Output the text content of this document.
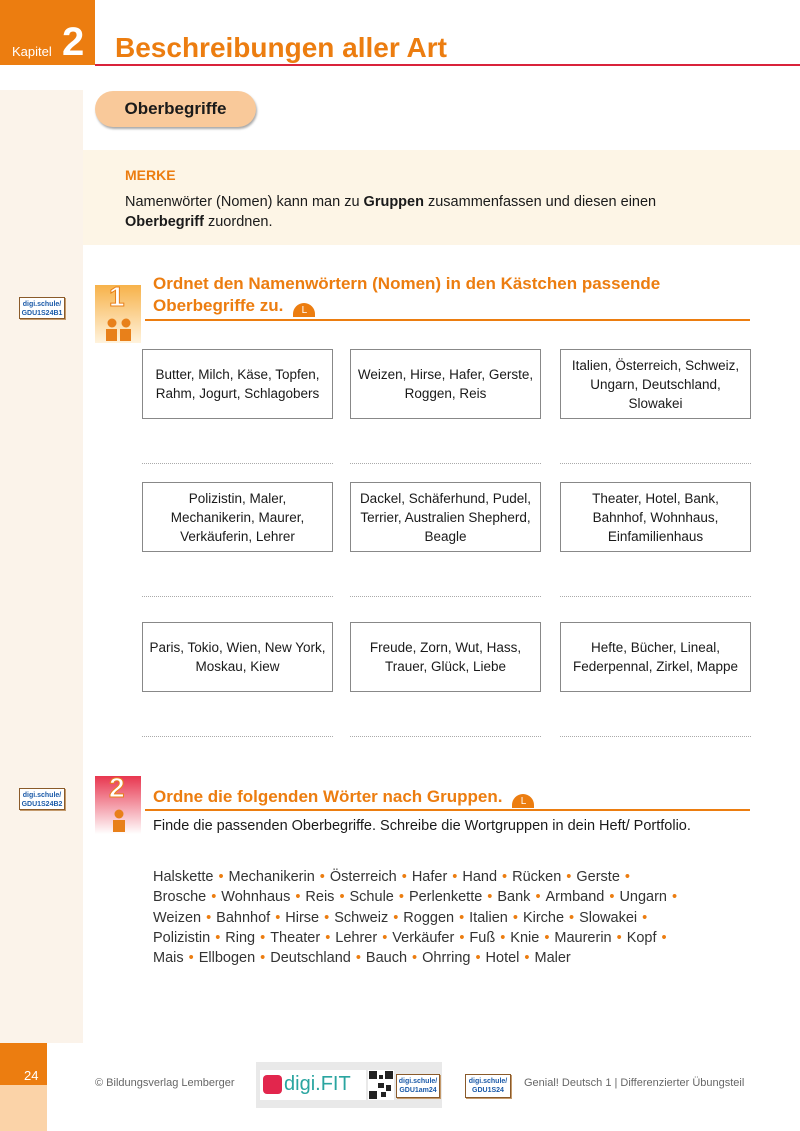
Kapitel 2 Beschreibungen aller Art
Oberbegriffe
MERKE
Namenwörter (Nomen) kann man zu Gruppen zusammenfassen und diesen einen Oberbegriff zuordnen.
digi.schule/
GDU1S24B1
1 Ordnet den Namenwörtern (Nomen) in den Kästchen passende Oberbegriffe zu. L
Butter, Milch, Käse, Topfen, Rahm, Jogurt, Schlagobers
Weizen, Hirse, Hafer, Gerste, Roggen, Reis
Italien, Österreich, Schweiz, Ungarn, Deutschland, Slowakei
Polizistin, Maler, Mechanikerin, Maurer, Verkäuferin, Lehrer
Dackel, Schäferhund, Pudel, Terrier, Australien Shepherd, Beagle
Theater, Hotel, Bank, Bahnhof, Wohnhaus, Einfamilienhaus
Paris, Tokio, Wien, New York, Moskau, Kiew
Freude, Zorn, Wut, Hass, Trauer, Glück, Liebe
Hefte, Bücher, Lineal, Federpennal, Zirkel, Mappe
digi.schule/
GDU1S24B2
2 Ordne die folgenden Wörter nach Gruppen. L
Finde die passenden Oberbegriffe. Schreibe die Wortgruppen in dein Heft/ Portfolio.
Halskette • Mechanikerin • Österreich • Hafer • Hand • Rücken • Gerste •
Brosche • Wohnhaus • Reis • Schule • Perlenkette • Bank • Armband • Ungarn •
Weizen • Bahnhof • Hirse • Schweiz • Roggen • Italien • Kirche • Slowakei •
Polizistin • Ring • Theater • Lehrer • Verkäufer • Fuß • Knie • Maurerin • Kopf •
Mais • Ellbogen • Deutschland • Bauch • Ohrring • Hotel • Maler
24	© Bildungsverlag Lemberger digi.FIT	digi.schule/
GDU1am24
digi.schule/
GDU1S24
Genial! Deutsch 1 | Differenzierter Übungsteil
